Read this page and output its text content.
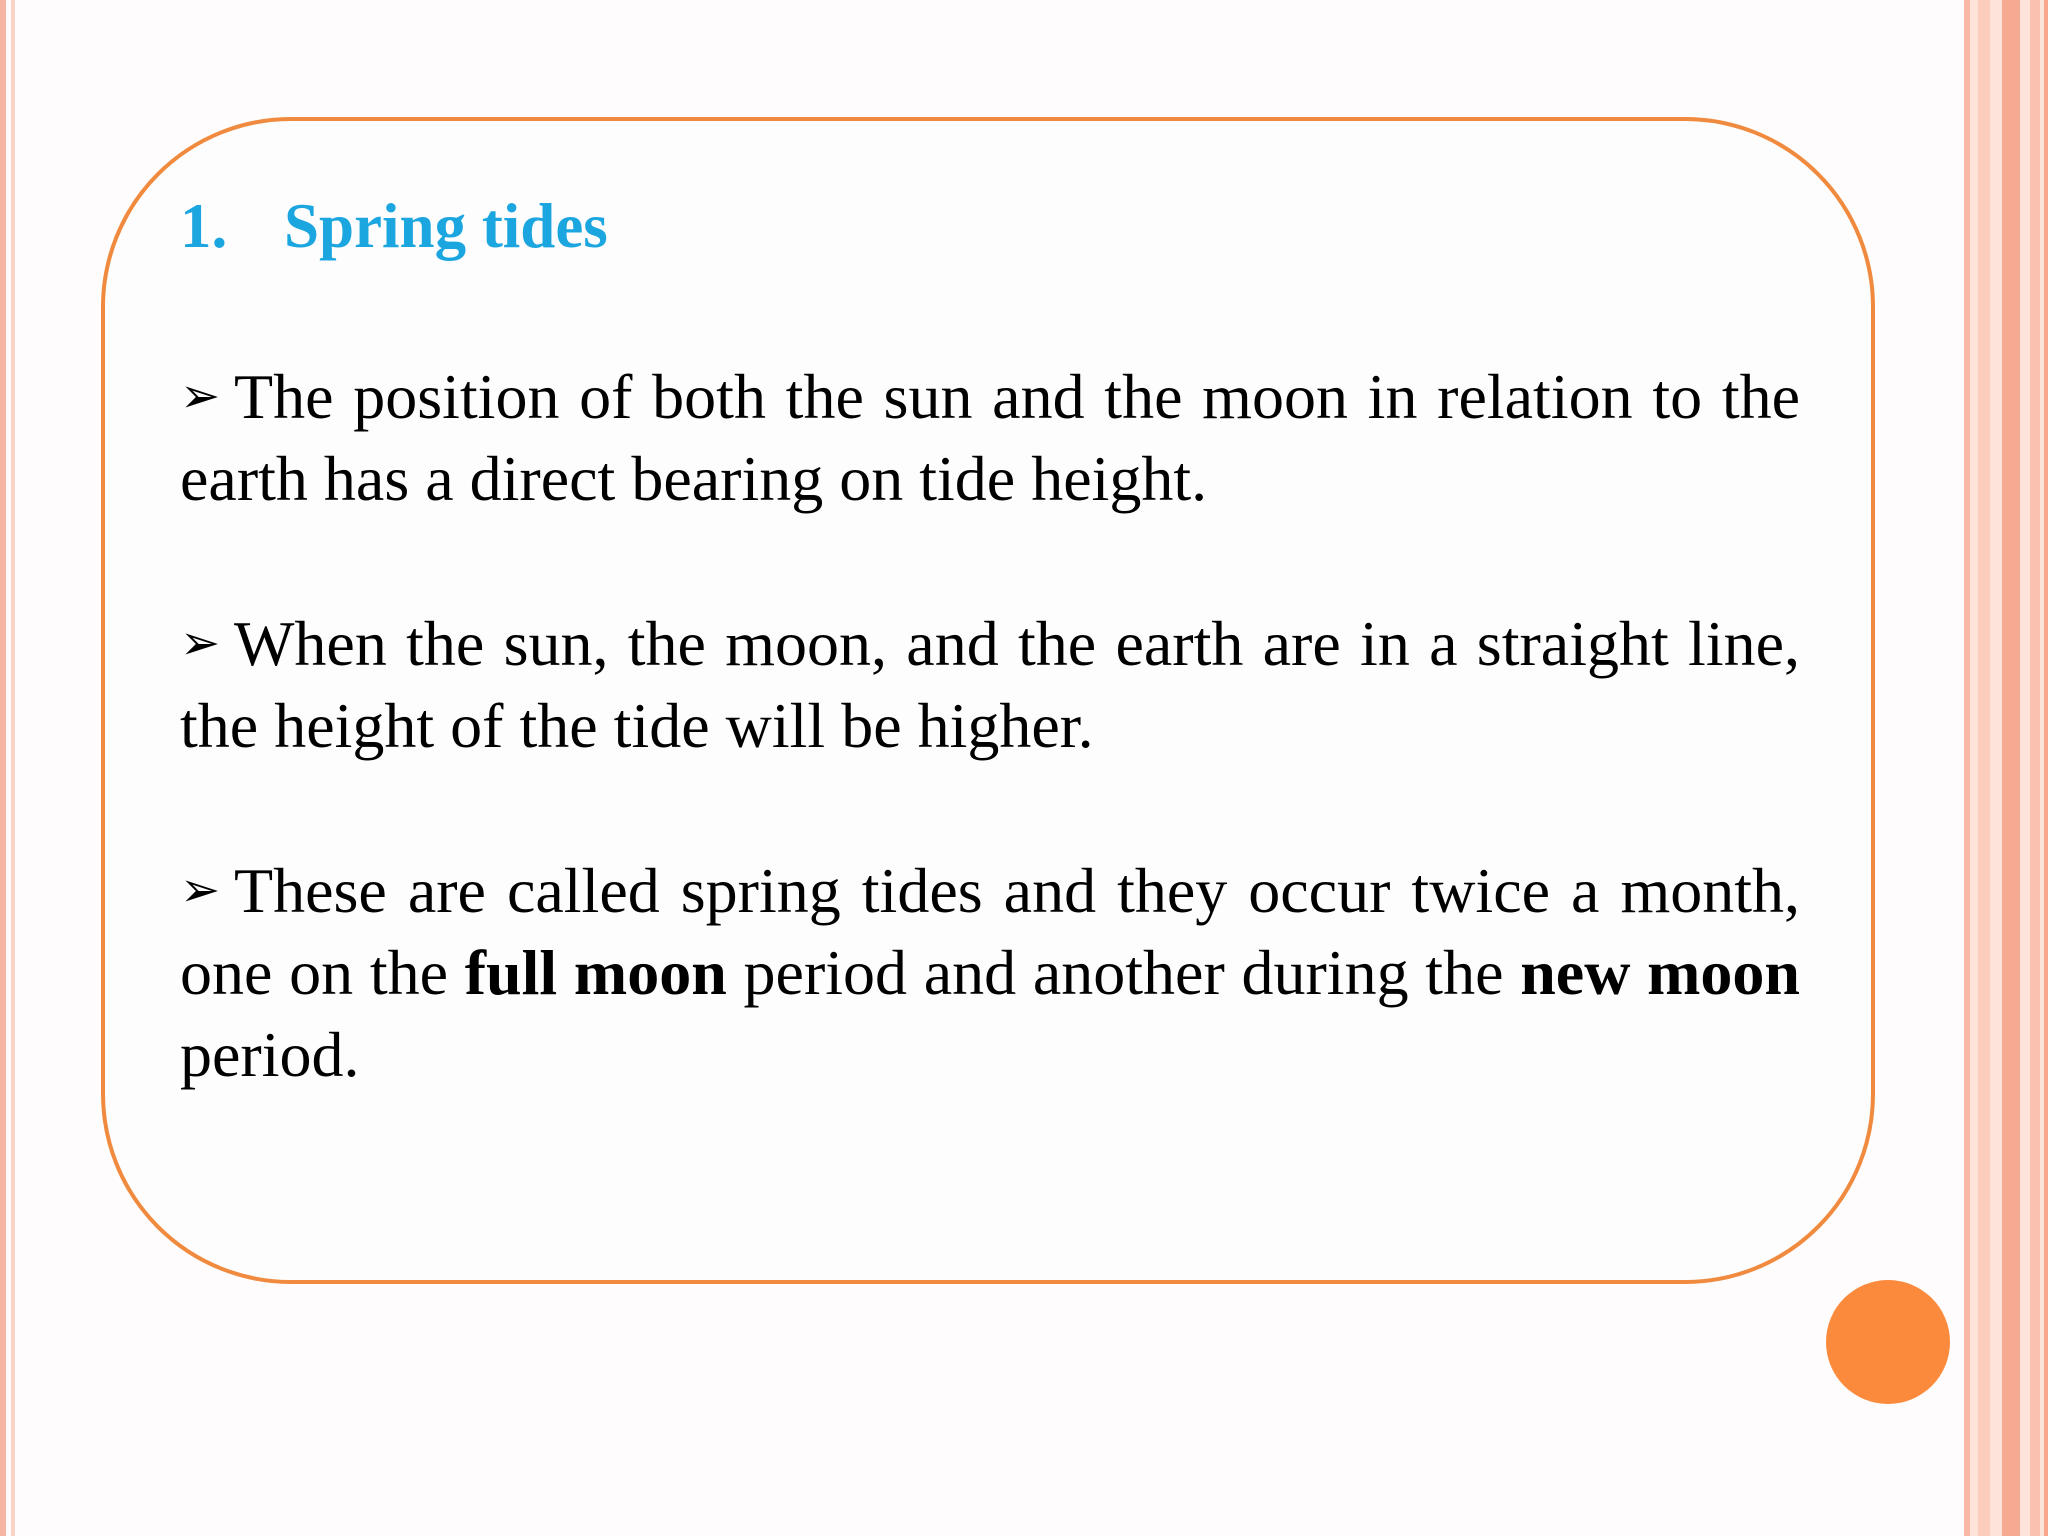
1. Spring tides
➢ The position of both the sun and the moon in relation to the earth has a direct bearing on tide height.
➢ When the sun, the moon, and the earth are in a straight line, the height of the tide will be higher.
➢ These are called spring tides and they occur twice a month, one on the full moon period and another during the new moon period.
